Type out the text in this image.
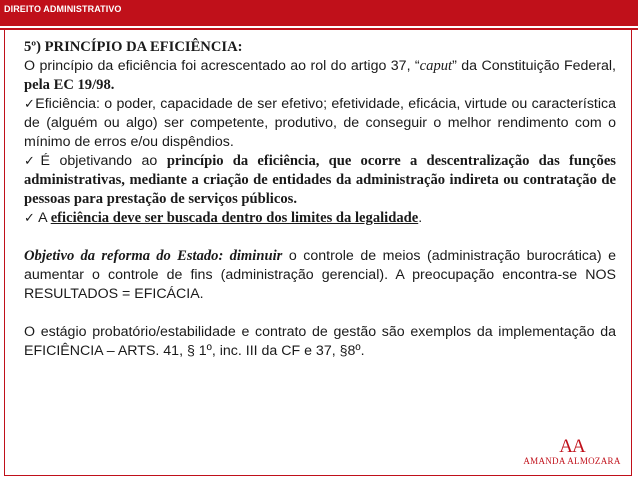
DIREITO ADMINISTRATIVO

5º) PRINCÍPIO DA EFICIÊNCIA:

O princípio da eficiência foi acrescentado ao rol do artigo 37, “caput” da Constituição Federal, pela EC 19/98.

✓Eficiência: o poder, capacidade de ser efetivo; efetividade, eficácia, virtude ou característica de (alguém ou algo) ser competente, produtivo, de conseguir o melhor rendimento com o mínimo de erros e/ou dispêndios.

✓É objetivando ao princípio da eficiência, que ocorre a descentralização das funções administrativas, mediante a criação de entidades da administração indireta ou contratação de pessoas para prestação de serviços públicos.

✓ A eficiência deve ser buscada dentro dos limites da legalidade.

Objetivo da reforma do Estado: diminuir o controle de meios (administração burocrática) e aumentar o controle de fins (administração gerencial). A preocupação encontra-se NOS RESULTADOS = EFICÁCIA.

O estágio probatório/estabilidade e contrato de gestão são exemplos da implementação da EFICIÊNCIA – ARTS. 41, § 1º, inc. III da CF e 37, §8º.

AA
AMANDA ALMOZARA
